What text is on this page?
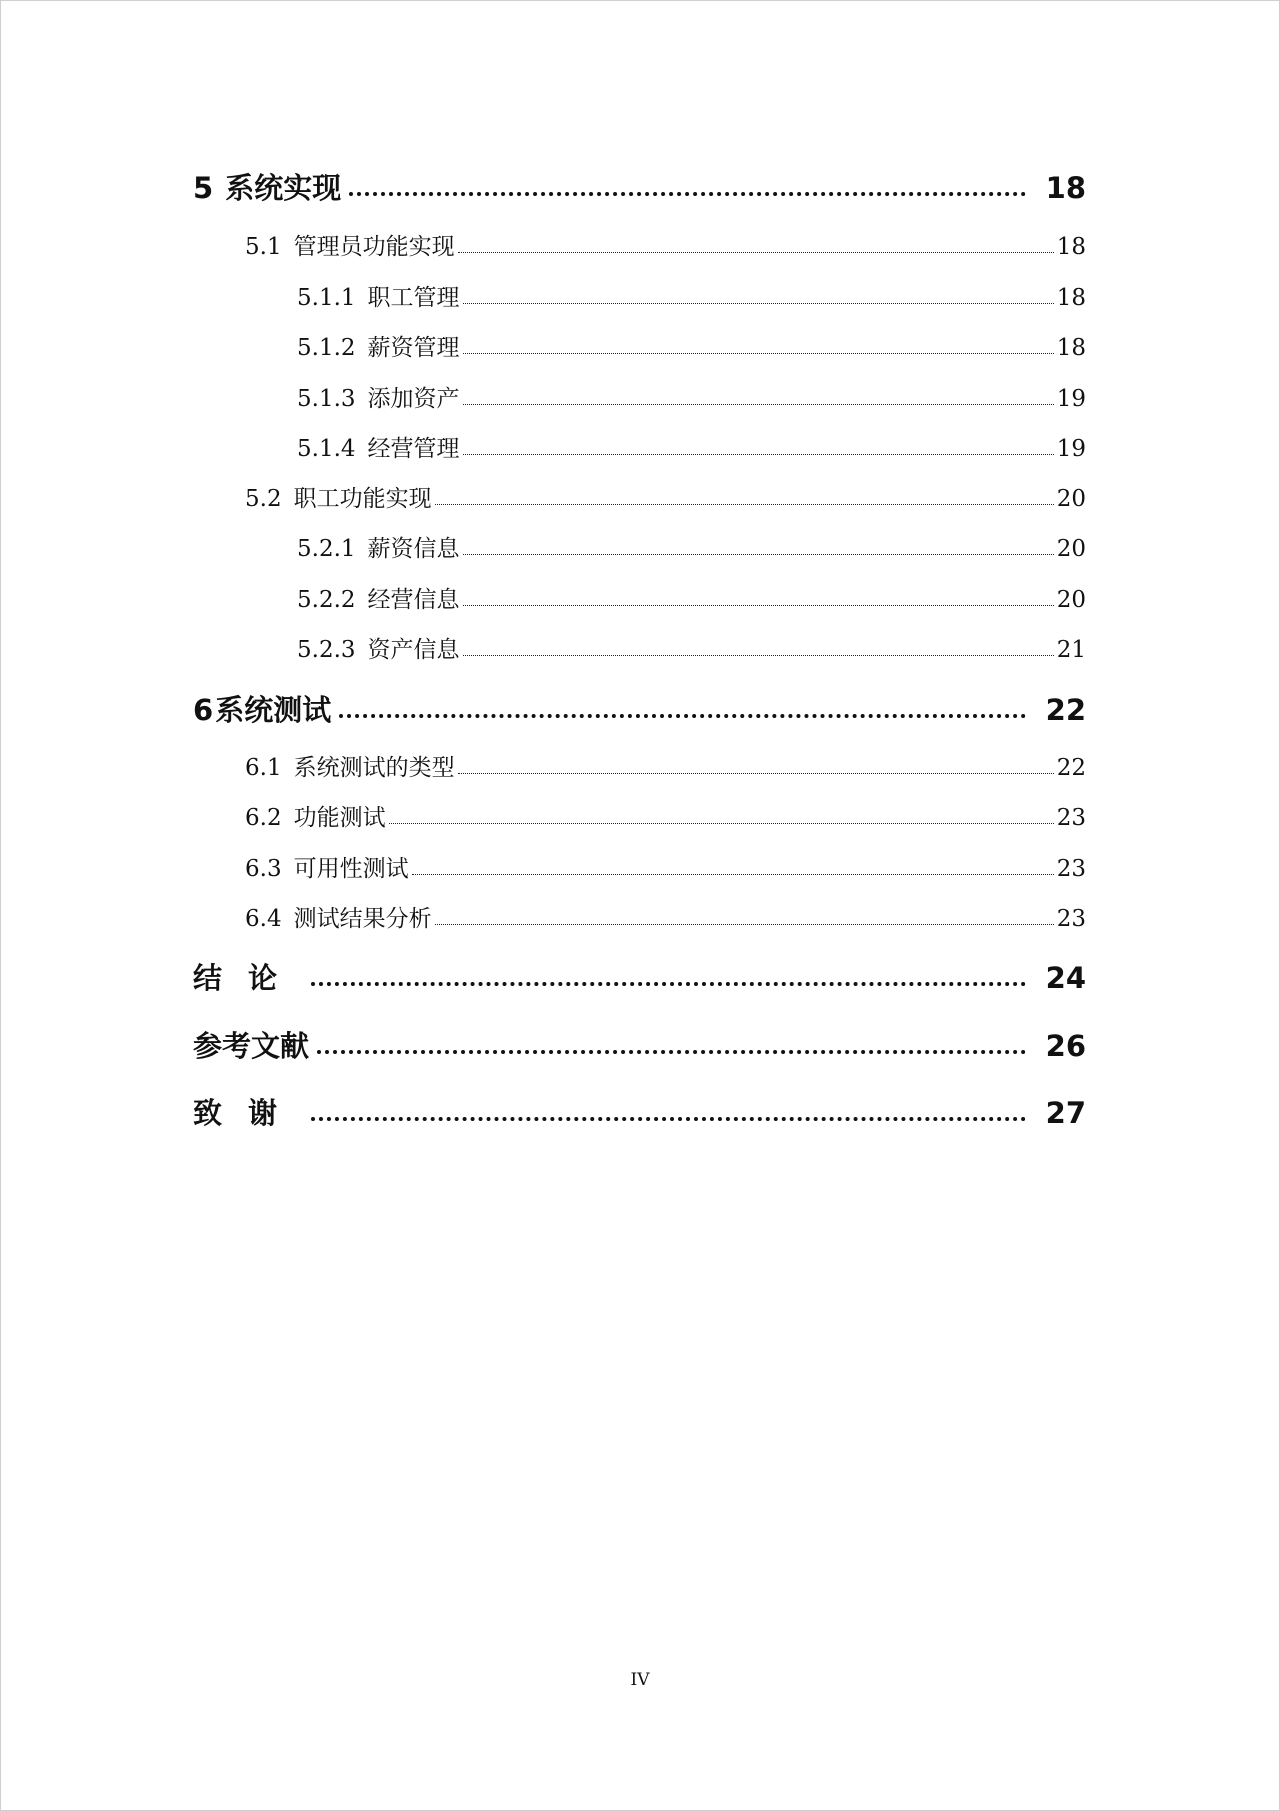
5 系统实现	18
5.1 管理员功能实现	18
5.1.1 职工管理	18
5.1.2 薪资管理	18
5.1.3 添加资产	19
5.1.4 经营管理	19
5.2 职工功能实现	20
5.2.1 薪资信息	20
5.2.2 经营信息	20
5.2.3 资产信息	21
6 系统测试	22
6.1 系统测试的类型	22
6.2 功能测试	23
6.3 可用性测试	23
6.4 测试结果分析	23
结论	24
参考文献	26
致谢	27
IV
